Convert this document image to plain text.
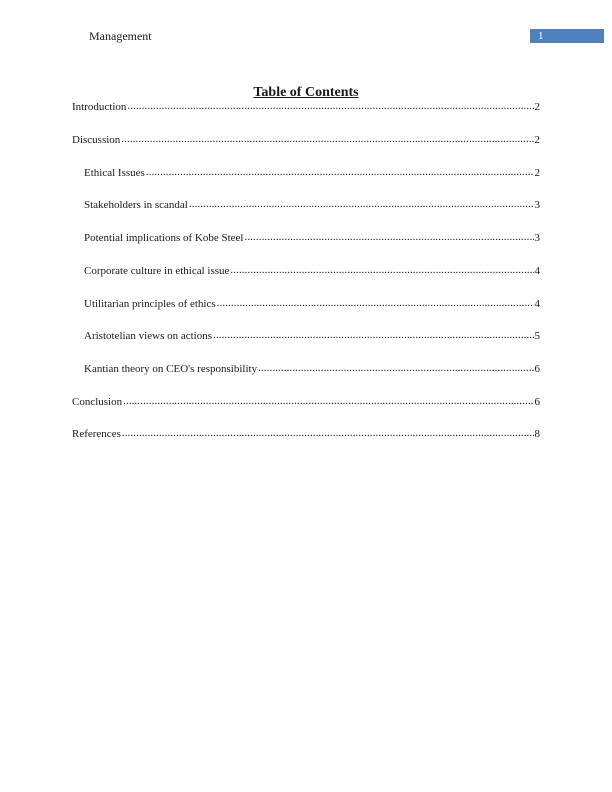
Management	1
Table of Contents
Introduction .....	2
Discussion .....	2
Ethical Issues .....	2
Stakeholders in scandal .....	3
Potential implications of Kobe Steel .....	3
Corporate culture in ethical issue .....	4
Utilitarian principles of ethics .....	4
Aristotelian views on actions .....	5
Kantian theory on CEO's responsibility .....	6
Conclusion .....	6
References .....	8
